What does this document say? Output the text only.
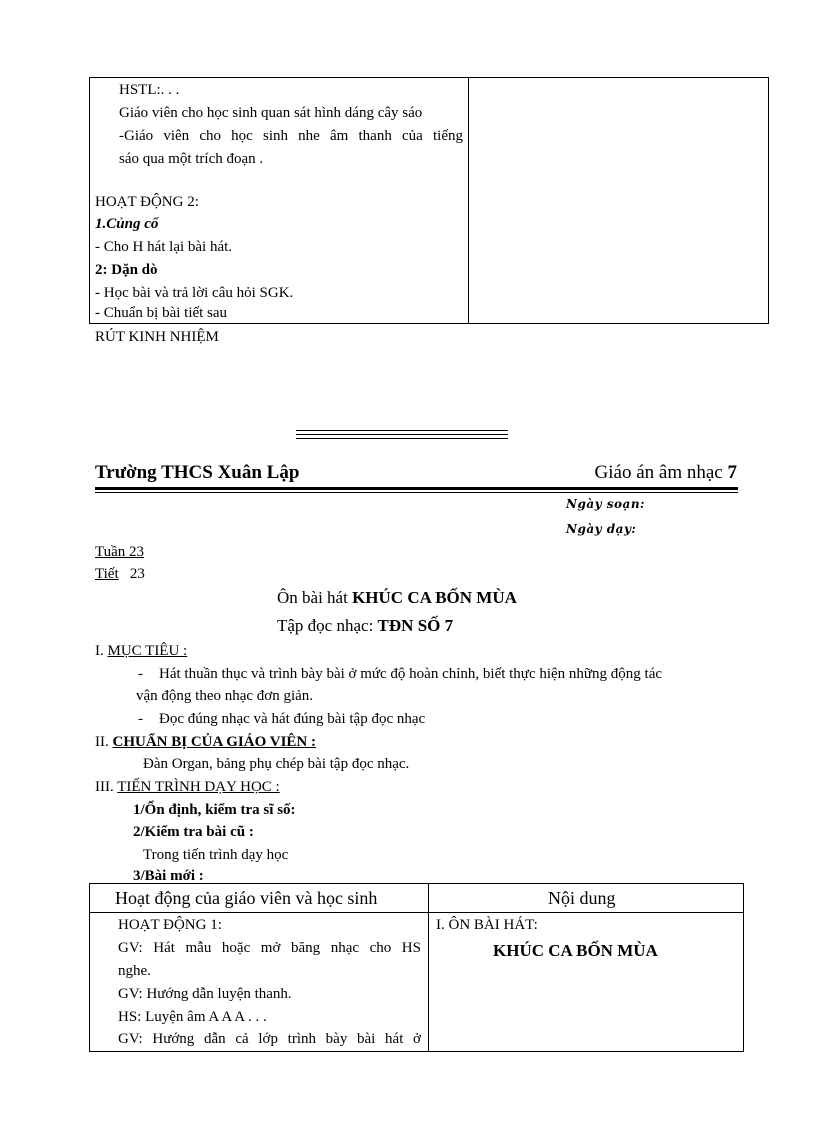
HSTL:. . .
Giáo viên cho học sinh quan sát hình dáng cây sáo
-Giáo viên cho học sinh nhe âm thanh của tiếng
sáo qua một trích đoạn .
HOẠT ĐỘNG 2:
1.Củng cố
- Cho H hát lại bài hát.
2: Dặn dò
- Học bài và trả lời câu hỏi SGK.
- Chuẩn bị bài tiết sau
RÚT KINH NHIỆM
Trường THCS Xuân Lập	Giáo án âm nhạc 7
Ngày soạn:
Ngày dạy:
Tuần 23
Tiết 23
Ôn bài hát KHÚC CA BỐN MÙA
Tập đọc nhạc: TĐN SỐ 7
I. MỤC TIÊU :
- Hát thuần thục và trình bày bài ở mức độ hoàn chỉnh, biết thực hiện những động tác
vận động theo nhạc đơn giản.
- Đọc đúng nhạc và hát đúng bài tập đọc nhạc
II. CHUẨN BỊ CỦA GIÁO VIÊN :
Đàn Organ, bảng phụ chép bài tập đọc nhạc.
III. TIẾN TRÌNH DẠY HỌC :
1/Ổn định, kiểm tra sĩ số:
2/Kiểm tra bài cũ :
Trong tiến trình dạy học
3/Bài mới :
Hoạt động của giáo viên và học sinh	Nội dung
HOẠT ĐỘNG 1:
GV: Hát mẫu hoặc mở băng nhạc cho HS
nghe.
GV: Hướng dẫn luyện thanh.
HS: Luyện âm A A A . . .
GV: Hướng dẫn cả lớp trình bày bài hát ở
I. ÔN BÀI HÁT:
KHÚC CA BỐN MÙA
